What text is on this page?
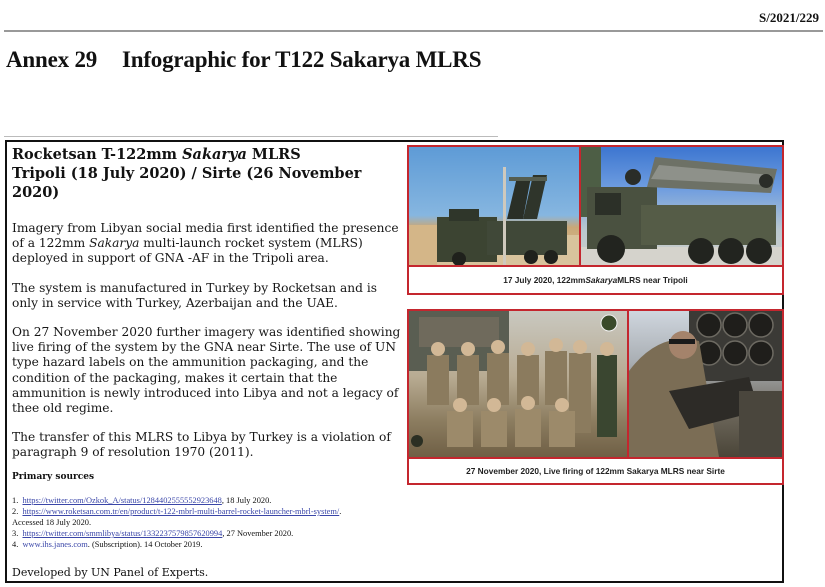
S/2021/229
Annex 29 Infographic for T122 Sakarya MLRS
Rocketsan T-122mm Sakarya MLRS
Tripoli (18 July 2020) / Sirte (26 November 2020)

Imagery from Libyan social media first identified the presence of a 122mm Sakarya multi-launch rocket system (MLRS) deployed in support of GNA -AF in the Tripoli area.

The system is manufactured in Turkey by Rocketsan and is only in service with Turkey, Azerbaijan and the UAE.

On 27 November 2020 further imagery was identified showing live firing of the system by the GNA near Sirte. The use of UN type hazard labels on the ammunition packaging, and the condition of the packaging, makes it certain that the ammunition is newly introduced into Libya and not a legacy of thee old regime.

The transfer of this MLRS to Libya by Turkey is a violation of paragraph 9 of resolution 1970 (2011).

Primary sources
1. https://twitter.com/Ozkok_A/status/1284402555552923648, 18 July 2020.
2. https://www.roketsan.com.tr/en/product/t-122-mbrl-multi-barrel-rocket-launcher-mbrl-system/.
Accessed 18 July 2020.
3. https://twitter.com/smmlibya/status/1332237579857620994, 27 November 2020.
4. www.ihs.janes.com. (Subscription). 14 October 2019.
Developed by UN Panel of Experts.
17 July 2020, 122mm Sakarya MLRS near Tripoli
27 November 2020, Live firing of 122mm Sakarya MLRS near Sirte
